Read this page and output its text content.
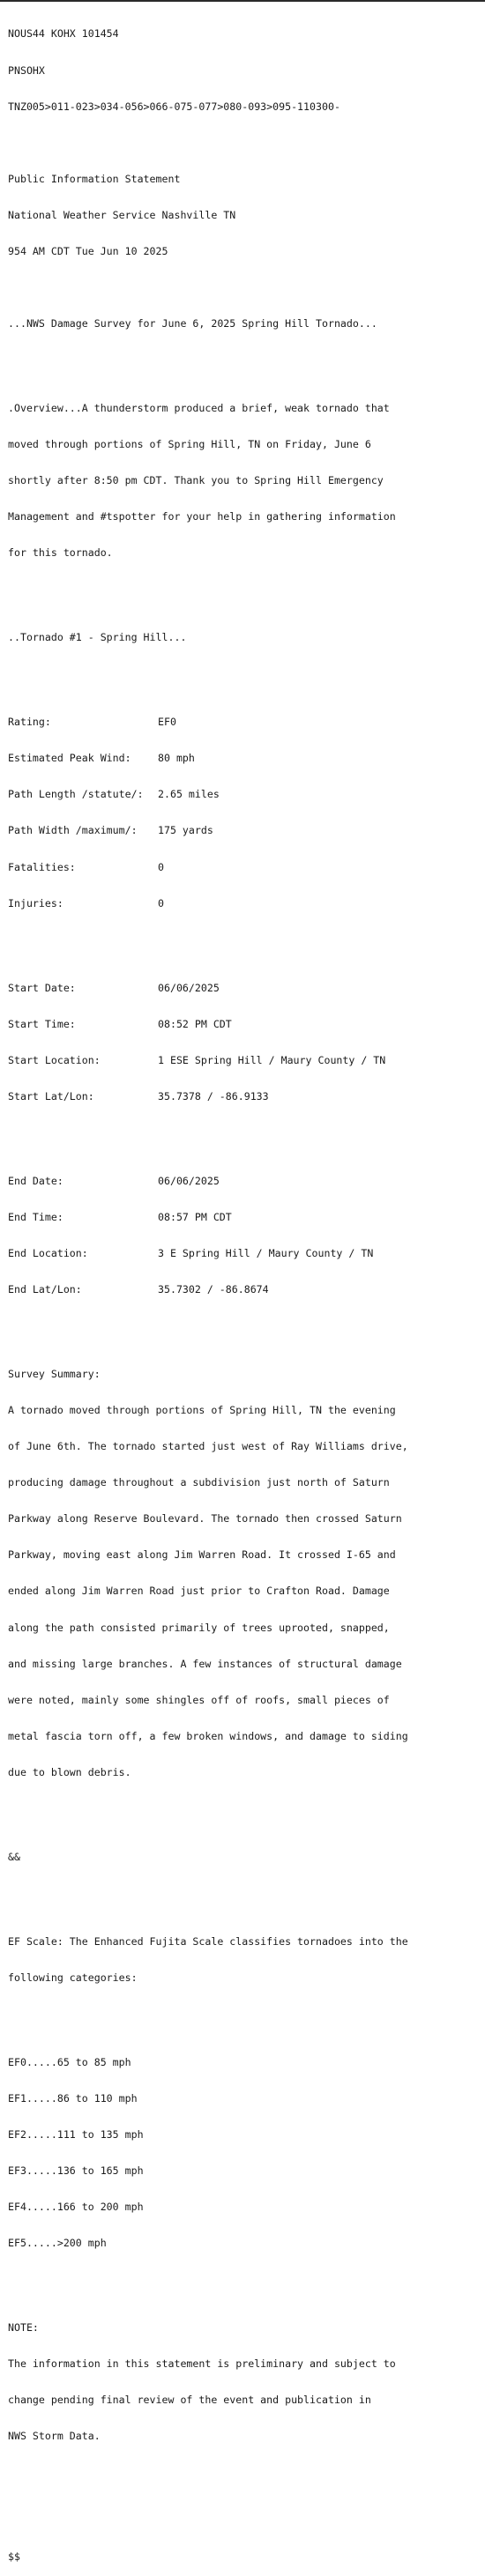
NOUS44 KOHX 101454

PNSOHX

TNZ005>011-023>034-056>066-075-077>080-093>095-110300-

Public Information Statement

National Weather Service Nashville TN

954 AM CDT Tue Jun 10 2025

...NWS Damage Survey for June 6, 2025 Spring Hill Tornado...

.Overview...A thunderstorm produced a brief, weak tornado that

moved through portions of Spring Hill, TN on Friday, June 6

shortly after 8:50 pm CDT. Thank you to Spring Hill Emergency

Management and #tspotter for your help in gathering information

for this tornado.

..Tornado #1 - Spring Hill...

Rating:	EF0

Estimated Peak Wind:	80 mph

Path Length /statute/: 2.65 miles

Path Width /maximum/: 175 yards

Fatalities:	0

Injuries:	0

Start Date:	06/06/2025

Start Time:	08:52 PM CDT

Start Location:	1 ESE Spring Hill / Maury County / TN

Start Lat/Lon:	35.7378 / -86.9133

End Date:	06/06/2025

End Time:	08:57 PM CDT

End Location:	3 E Spring Hill / Maury County / TN

End Lat/Lon:	35.7302 / -86.8674

Survey Summary:

A tornado moved through portions of Spring Hill, TN the evening

of June 6th. The tornado started just west of Ray Williams drive,

producing damage throughout a subdivision just north of Saturn

Parkway along Reserve Boulevard. The tornado then crossed Saturn

Parkway, moving east along Jim Warren Road. It crossed I-65 and

ended along Jim Warren Road just prior to Crafton Road. Damage

along the path consisted primarily of trees uprooted, snapped,

and missing large branches. A few instances of structural damage

were noted, mainly some shingles off of roofs, small pieces of

metal fascia torn off, a few broken windows, and damage to siding

due to blown debris.

&&

EF Scale: The Enhanced Fujita Scale classifies tornadoes into the

following categories:

EF0.....65 to 85 mph

EF1.....86 to 110 mph

EF2.....111 to 135 mph

EF3.....136 to 165 mph

EF4.....166 to 200 mph

EF5.....>200 mph

NOTE:

The information in this statement is preliminary and subject to

change pending final review of the event and publication in

NWS Storm Data.

$$
